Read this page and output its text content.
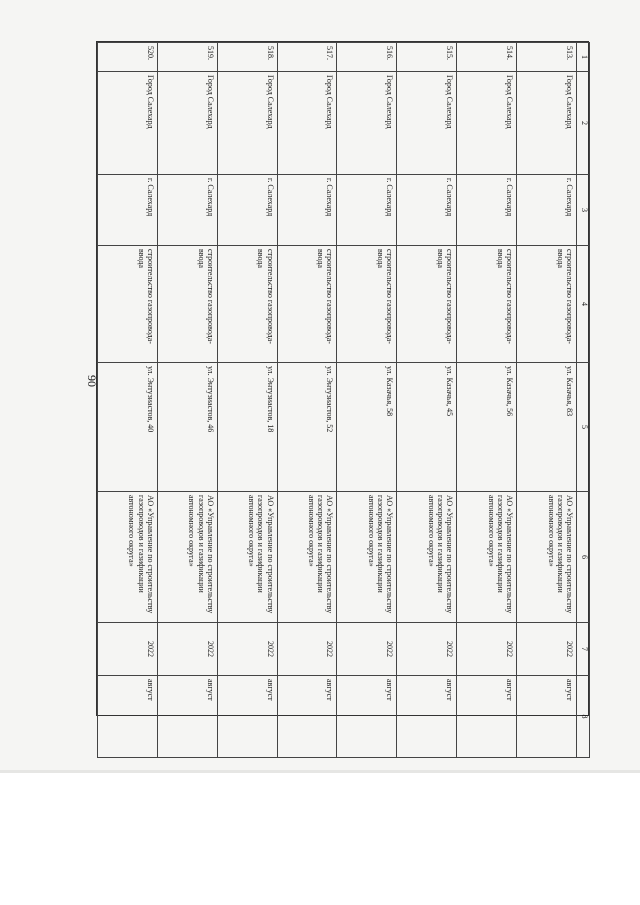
90
1	2	3	4	5	6	7	8
513.	Город Салехард	г. Салехард	строительство газопровода-ввода	ул. Казачья, 83	АО «Управление по строительству газопроводов и газификации автономного округа»	2022	август
514.	Город Салехард	г. Салехард	строительство газопровода-ввода	ул. Казачья, 56	АО «Управление по строительству газопроводов и газификации автономного округа»	2022	август
515.	Город Салехард	г. Салехард	строительство газопровода-ввода	ул. Казачья, 45	АО «Управление по строительству газопроводов и газификации автономного округа»	2022	август
516.	Город Салехард	г. Салехард	строительство газопровода-ввода	ул. Казачья, 58	АО «Управление по строительству газопроводов и газификации автономного округа»	2022	август
517.	Город Салехард	г. Салехард	строительство газопровода-ввода	ул. Энтузиастов, 52	АО «Управление по строительству газопроводов и газификации автономного округа»	2022	август
518.	Город Салехард	г. Салехард	строительство газопровода-ввода	ул. Энтузиастов, 18	АО «Управление по строительству газопроводов и газификации автономного округа»	2022	август
519.	Город Салехард	г. Салехард	строительство газопровода-ввода	ул. Энтузиастов, 46	АО «Управление по строительству газопроводов и газификации автономного округа»	2022	август
520.	Город Салехард	г. Салехард	строительство газопровода-ввода	ул. Энтузиастов, 40	АО «Управление по строительству газопроводов и газификации автономного округа»	2022	август
